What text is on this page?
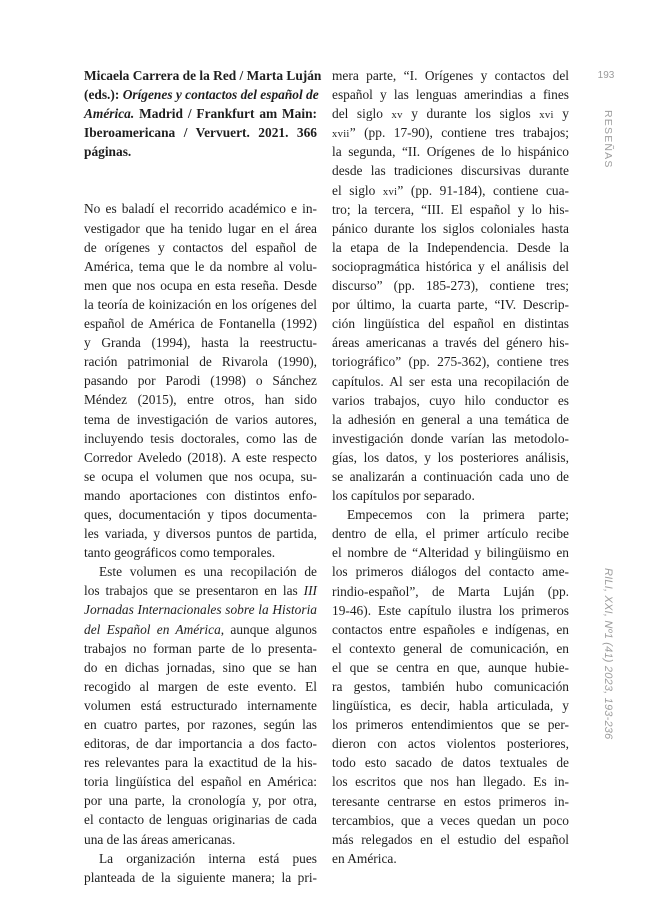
193
RESEÑAS
RILI, XXI, Nº1 (41) 2023, 193-236
Micaela Carrera de la Red / Marta Luján
(eds.): Orígenes y contactos del español de
América. Madrid / Frankfurt am Main:
Iberoamericana / Vervuert. 2021. 366
páginas.
No es baladí el recorrido académico e in-
vestigador que ha tenido lugar en el área
de orígenes y contactos del español de
América, tema que le da nombre al volu-
men que nos ocupa en esta reseña. Desde
la teoría de koinización en los orígenes del
español de América de Fontanella (1992)
y Granda (1994), hasta la reestructu-
ración patrimonial de Rivarola (1990),
pasando por Parodi (1998) o Sánchez
Méndez (2015), entre otros, han sido
tema de investigación de varios autores,
incluyendo tesis doctorales, como las de
Corredor Aveledo (2018). A este respecto
se ocupa el volumen que nos ocupa, su-
mando aportaciones con distintos enfo-
ques, documentación y tipos documenta-
les variada, y diversos puntos de partida,
tanto geográficos como temporales.
Este volumen es una recopilación de
los trabajos que se presentaron en las III
Jornadas Internacionales sobre la Historia
del Español en América, aunque algunos
trabajos no forman parte de lo presenta-
do en dichas jornadas, sino que se han
recogido al margen de este evento. El
volumen está estructurado internamente
en cuatro partes, por razones, según las
editoras, de dar importancia a dos facto-
res relevantes para la exactitud de la his-
toria lingüística del español en América:
por una parte, la cronología y, por otra,
el contacto de lenguas originarias de cada
una de las áreas americanas.
La organización interna está pues
planteada de la siguiente manera; la pri-
mera parte, “I. Orígenes y contactos del
español y las lenguas amerindias a fines
del siglo xv y durante los siglos xvi y
xvii” (pp. 17-90), contiene tres trabajos;
la segunda, “II. Orígenes de lo hispánico
desde las tradiciones discursivas durante
el siglo xvi” (pp. 91-184), contiene cua-
tro; la tercera, “III. El español y lo his-
pánico durante los siglos coloniales hasta
la etapa de la Independencia. Desde la
sociopragmática histórica y el análisis del
discurso” (pp. 185-273), contiene tres;
por último, la cuarta parte, “IV. Descrip-
ción lingüística del español en distintas
áreas americanas a través del género his-
toriográfico” (pp. 275-362), contiene tres
capítulos. Al ser esta una recopilación de
varios trabajos, cuyo hilo conductor es
la adhesión en general a una temática de
investigación donde varían las metodolo-
gías, los datos, y los posteriores análisis,
se analizarán a continuación cada uno de
los capítulos por separado.
Empecemos con la primera parte;
dentro de ella, el primer artículo recibe
el nombre de “Alteridad y bilingüismo en
los primeros diálogos del contacto ame-
rindio-español”, de Marta Luján (pp.
19-46). Este capítulo ilustra los primeros
contactos entre españoles e indígenas, en
el contexto general de comunicación, en
el que se centra en que, aunque hubie-
ra gestos, también hubo comunicación
lingüística, es decir, habla articulada, y
los primeros entendimientos que se per-
dieron con actos violentos posteriores,
todo esto sacado de datos textuales de
los escritos que nos han llegado. Es in-
teresante centrarse en estos primeros in-
tercambios, que a veces quedan un poco
más relegados en el estudio del español
en América.
